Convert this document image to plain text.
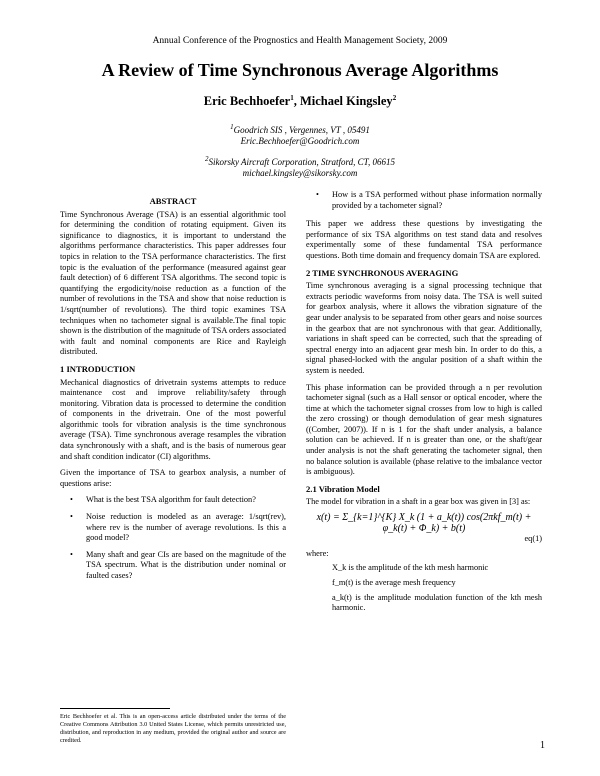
Annual Conference of the Prognostics and Health Management Society, 2009
A Review of Time Synchronous Average Algorithms
Eric Bechhoefer$^1$, Michael Kingsley$^2$
$^1$Goodrich SIS , Vergennes, VT , 05491
Eric.Bechhoefer@Goodrich.com
$^2$Sikorsky Aircraft Corporation, Stratford, CT, 06615
michael.kingsley@sikorsky.com
ABSTRACT

Time Synchronous Average (TSA) is an essential algorithmic tool for determining the condition of rotating equipment. Given its significance to diagnostics, it is important to understand the algorithms performance characteristics. This paper addresses four topics in relation to the TSA performance characteristics. The first topic is the evaluation of the performance (measured against gear fault detection) of 6 different TSA algorithms. The second topic is quantifying the ergodicity/noise reduction as a function of the number of revolutions in the TSA and show that noise reduction is 1/sqrt(number of revolutions). The third topic examines TSA techniques when no tachometer signal is available.The final topic shown is the distribution of the magnitude of TSA orders associated with fault and nominal components are Rice and Rayleigh distributed.

1 INTRODUCTION

Mechanical diagnostics of drivetrain systems attempts to reduce maintenance cost and improve reliability/safety through monitoring. Vibration data is processed to determine the condition of components in the drivetrain. One of the most powerful algorithmic tools for vibration analysis is the time synchronous average (TSA). Time synchronous average resamples the vibration data synchronously with a shaft, and is the basis of numerous gear and shaft condition indicator (CI) algorithms.

Given the importance of TSA to gearbox analysis, a number of questions arise:

• What is the best TSA algorithm for fault detection?
• Noise reduction is modeled as an average: 1/sqrt(rev), where rev is the number of average revolutions. Is this a good model?
• Many shaft and gear CIs are based on the magnitude of the TSA spectrum. What is the distribution under nominal or faulted cases?
Eric Bechhoefer et al. This is an open-access article distributed under the terms of the Creative Commons Attribution 3.0 United States License, which permits unrestricted use, distribution, and reproduction in any medium, provided the original author and source are credited.
• How is a TSA performed without phase information normally provided by a tachometer signal?

This paper we address these questions by investigating the performance of six TSA algorithms on test stand data and resolves experimentally some of these fundamental TSA performance questions. Both time domain and frequency domain TSA are explored.

2 TIME SYNCHRONOUS AVERAGING

Time synchronous averaging is a signal processing technique that extracts periodic waveforms from noisy data. The TSA is well suited for gearbox analysis, where it allows the vibration signature of the gear under analysis to be separated from other gears and noise sources in the gearbox that are not synchronous with that gear. Additionally, variations in shaft speed can be corrected, such that the spreading of spectral energy into an adjacent gear mesh bin. In order to do this, a signal phased-locked with the angular position of a shaft within the system is needed.

This phase information can be provided through a n per revolution tachometer signal (such as a Hall sensor or optical encoder, where the time at which the tachometer signal crosses from low to high is called the zero crossing) or though demodulation of gear mesh signatures ((Comber, 2007)). If n is 1 for the shaft under analysis, a balance solution can be achieved. If n is greater than one, or the shaft/gear under analysis is not the shaft generating the tachometer signal, then no balance solution is available (phase relative to the imbalance vector is ambiguous).

2.1 Vibration Model

The model for vibration in a shaft in a gear box was given in [3] as:

x(t) = Σ_{k=1}^{K} X_k (1 + a_k(t)) cos(2πkf_m(t) + φ_k(t) + Φ_k) + b(t)
eq(1)

where:

X_k is the amplitude of the kth mesh harmonic

f_m(t) is the average mesh frequency

a_k(t) is the amplitude modulation function of the kth mesh harmonic.

1
